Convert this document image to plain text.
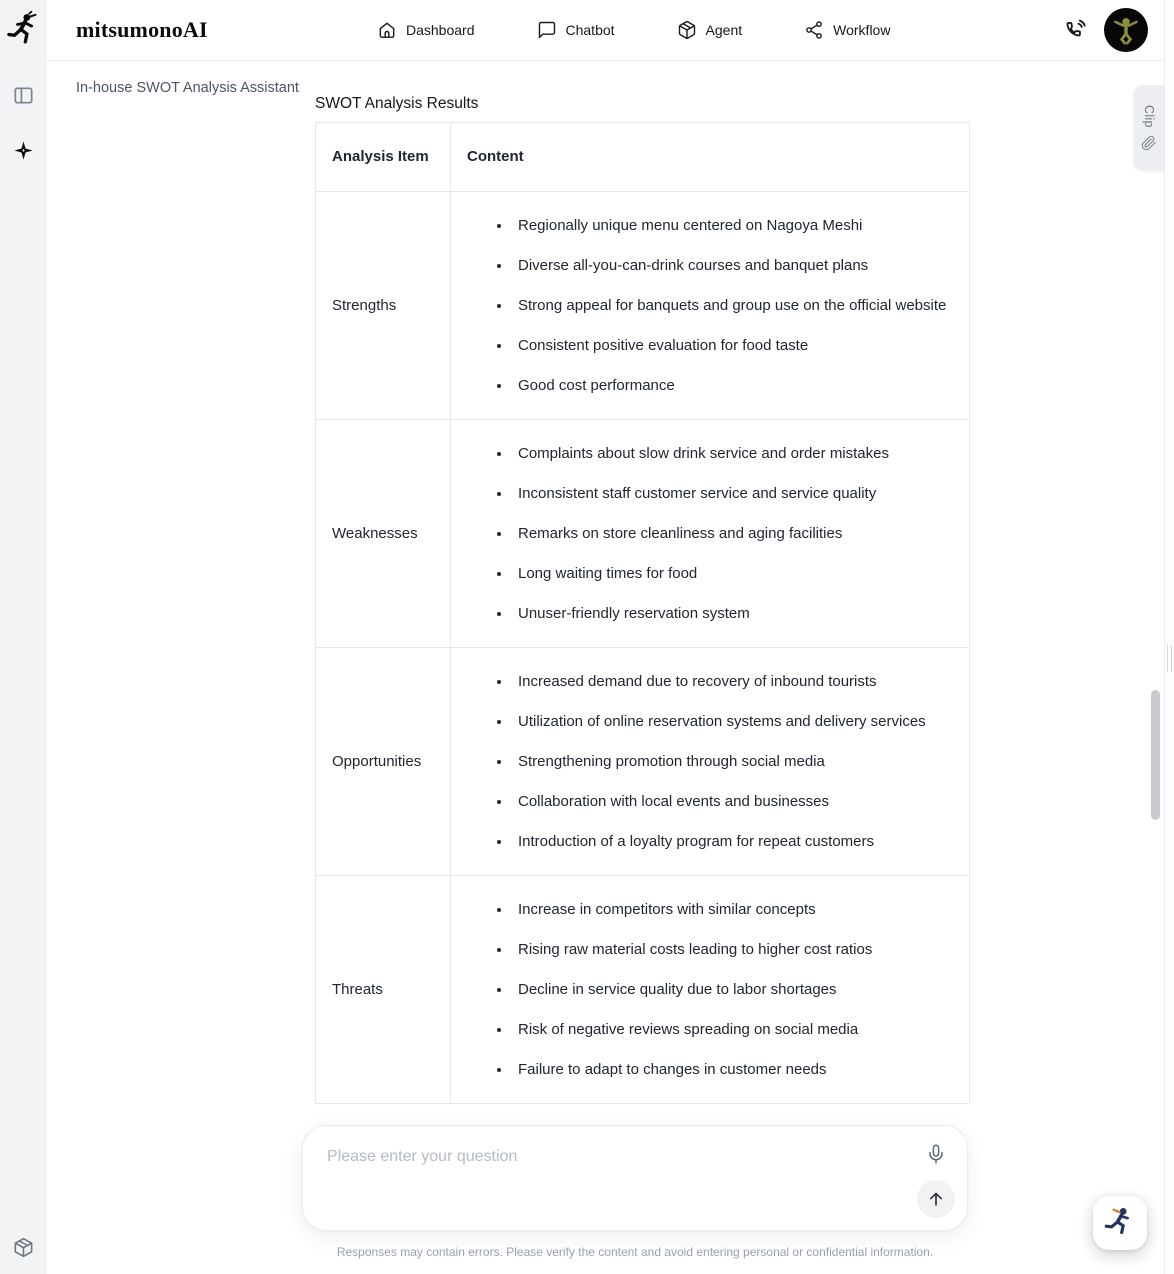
mitsumonoAI	Dashboard	Chatbot	Agent	Workflow
In-house SWOT Analysis Assistant

SWOT Analysis Results

Analysis Item	Content
Strengths	
• Regionally unique menu centered on Nagoya Meshi
• Diverse all-you-can-drink courses and banquet plans
• Strong appeal for banquets and group use on the official website
• Consistent positive evaluation for food taste
• Good cost performance

Weaknesses	
• Complaints about slow drink service and order mistakes
• Inconsistent staff customer service and service quality
• Remarks on store cleanliness and aging facilities
• Long waiting times for food
• Unuser-friendly reservation system

Opportunities	
• Increased demand due to recovery of inbound tourists
• Utilization of online reservation systems and delivery services
• Strengthening promotion through social media
• Collaboration with local events and businesses
• Introduction of a loyalty program for repeat customers

Threats	
• Increase in competitors with similar concepts
• Rising raw material costs leading to higher cost ratios
• Decline in service quality due to labor shortages
• Risk of negative reviews spreading on social media
• Failure to adapt to changes in customer needs
Please enter your question

Responses may contain errors. Please verify the content and avoid entering personal or confidential information.

Clip
